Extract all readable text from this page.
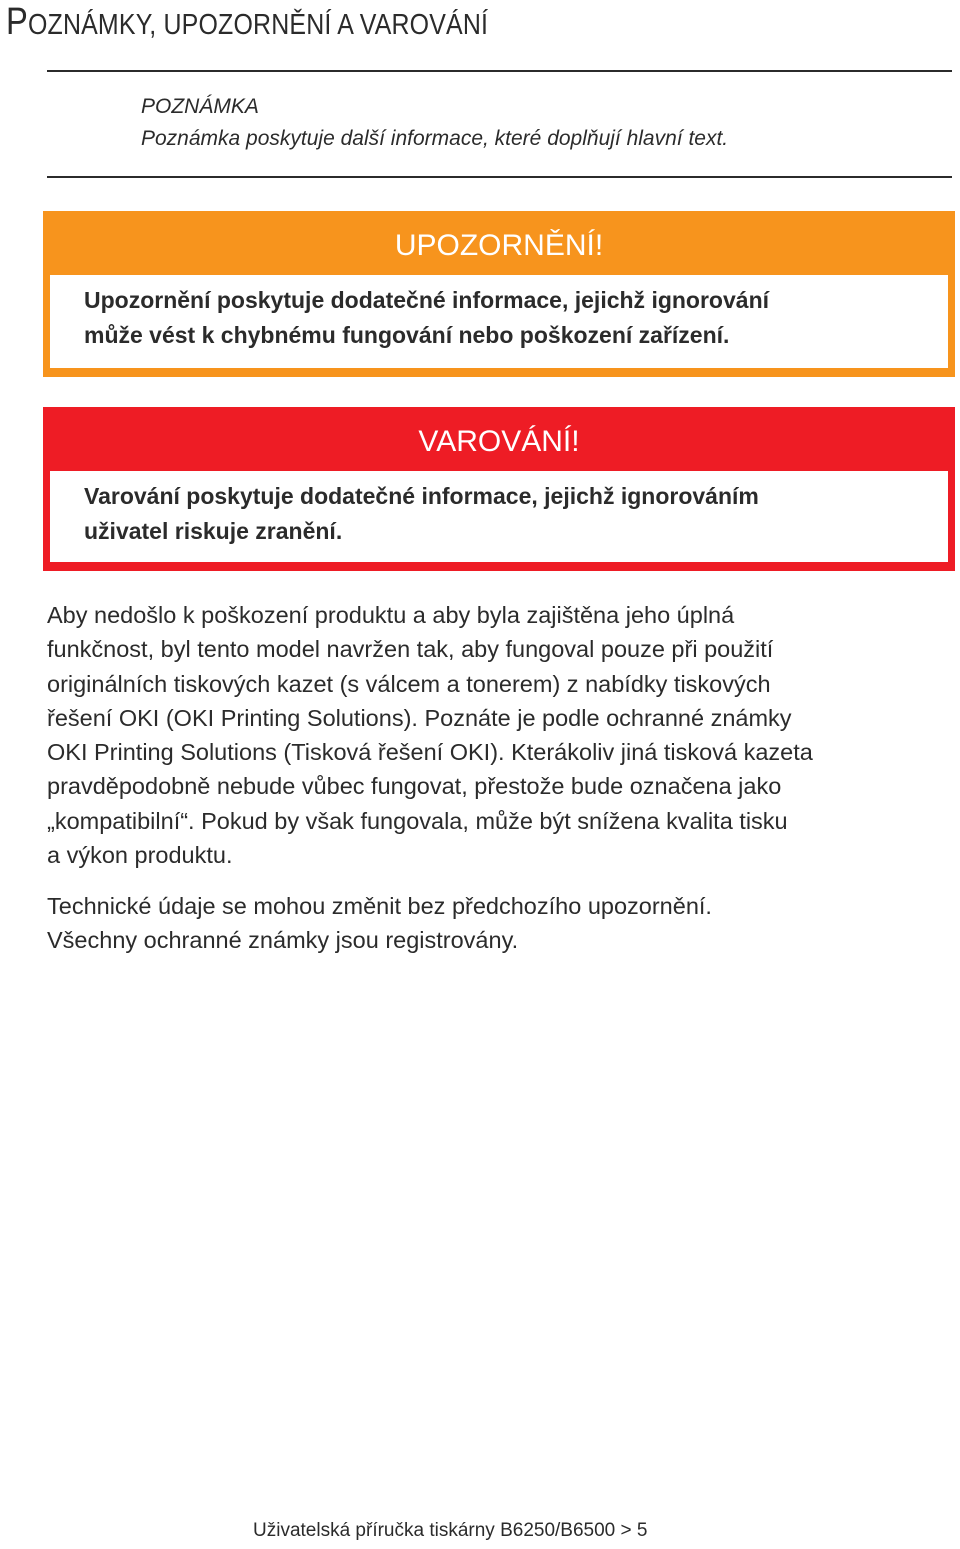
POZNÁMKY, UPOZORNĚNÍ A VAROVÁNÍ
POZNÁMKA
Poznámka poskytuje další informace, které doplňují hlavní text.
UPOZORNĚNÍ!
Upozornění poskytuje dodatečné informace, jejichž ignorování
může vést k chybnému fungování nebo poškození zařízení.
VAROVÁNÍ!
Varování poskytuje dodatečné informace, jejichž ignorováním
uživatel riskuje zranění.
Aby nedošlo k poškození produktu a aby byla zajištěna jeho úplná
funkčnost, byl tento model navržen tak, aby fungoval pouze při použití
originálních tiskových kazet (s válcem a tonerem) z nabídky tiskových
řešení OKI (OKI Printing Solutions). Poznáte je podle ochranné známky
OKI Printing Solutions (Tisková řešení OKI). Kterákoliv jiná tisková kazeta
pravděpodobně nebude vůbec fungovat, přestože bude označena jako
„kompatibilní“. Pokud by však fungovala, může být snížena kvalita tisku
a výkon produktu.
Technické údaje se mohou změnit bez předchozího upozornění.
Všechny ochranné známky jsou registrovány.
Uživatelská příručka tiskárny B6250/B6500 > 5
